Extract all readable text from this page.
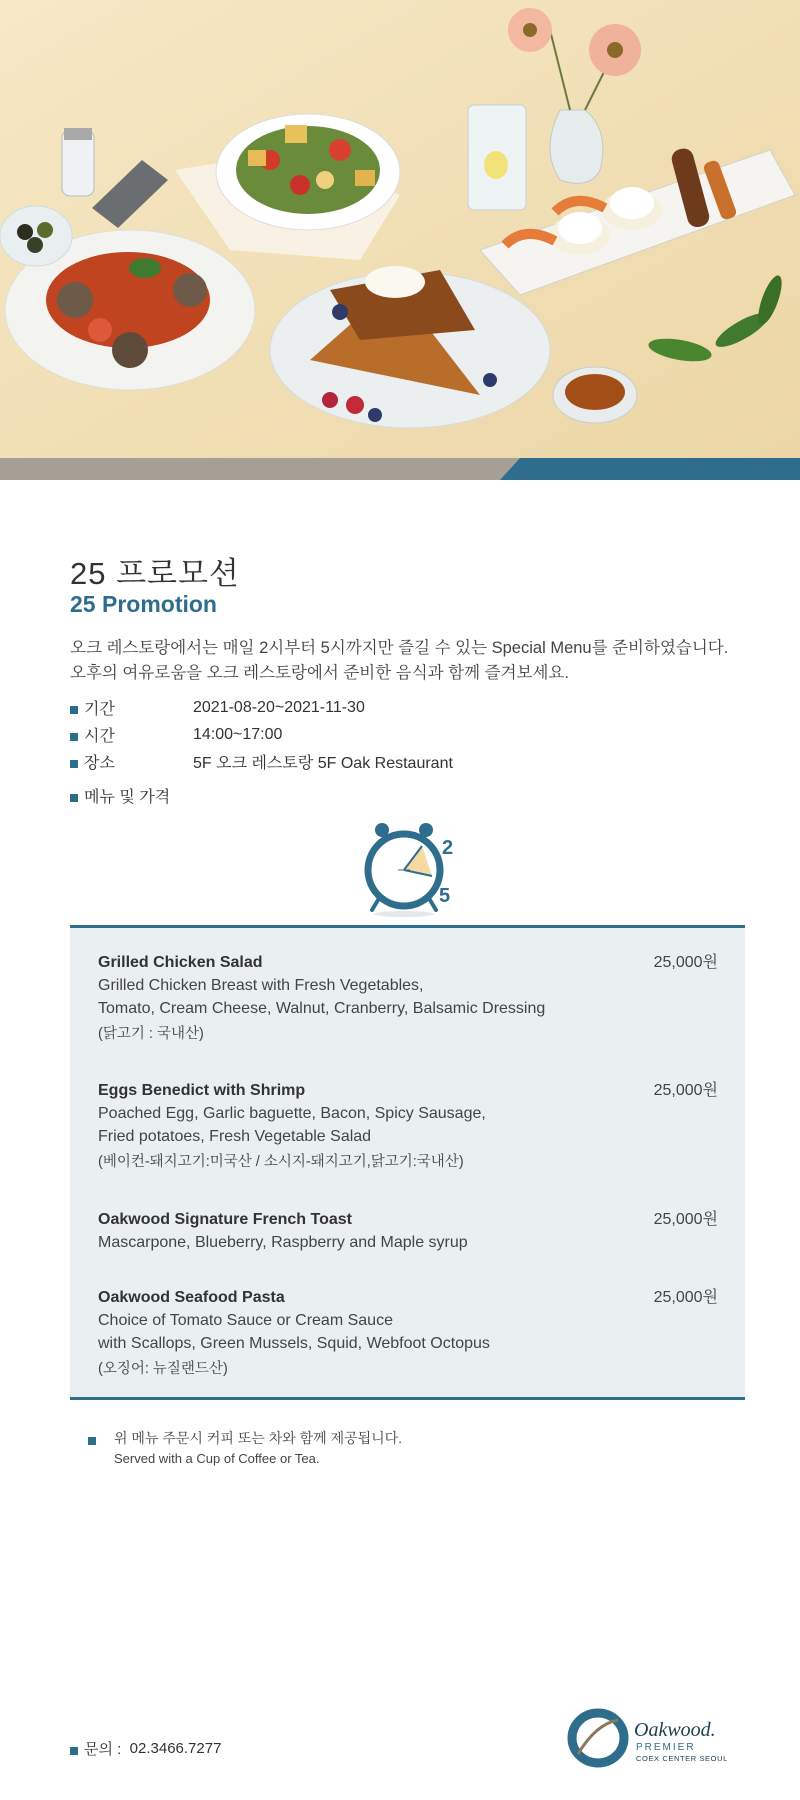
25 프로모션
25 Promotion
오크 레스토랑에서는 매일 2시부터 5시까지만 즐길 수 있는 Special Menu를 준비하였습니다.
오후의 여유로움을 오크 레스토랑에서 준비한 음식과 함께 즐겨보세요.
기간	2021-08-20~2021-11-30
시간	14:00~17:00
장소	5F 오크 레스토랑 5F Oak Restaurant
메뉴 및 가격
2
5
Grilled Chicken Salad
Grilled Chicken Breast with Fresh Vegetables,
Tomato, Cream Cheese, Walnut, Cranberry, Balsamic Dressing
(닭고기 : 국내산)
25,000원
Eggs Benedict with Shrimp
Poached Egg, Garlic baguette, Bacon, Spicy Sausage,
Fried potatoes, Fresh Vegetable Salad
(베이컨-돼지고기:미국산 / 소시지-돼지고기,닭고기:국내산)
25,000원
Oakwood Signature French Toast
Mascarpone, Blueberry, Raspberry and Maple syrup
25,000원
Oakwood Seafood Pasta
Choice of Tomato Sauce or Cream Sauce
with Scallops, Green Mussels, Squid, Webfoot Octopus
(오징어: 뉴질랜드산)
25,000원
위 메뉴 주문시 커피 또는 차와 함께 제공됩니다.
Served with a Cup of Coffee or Tea.
문의 :
02.3466.7277
Oakwood.
PREMIER
COEX CENTER SEOUL
